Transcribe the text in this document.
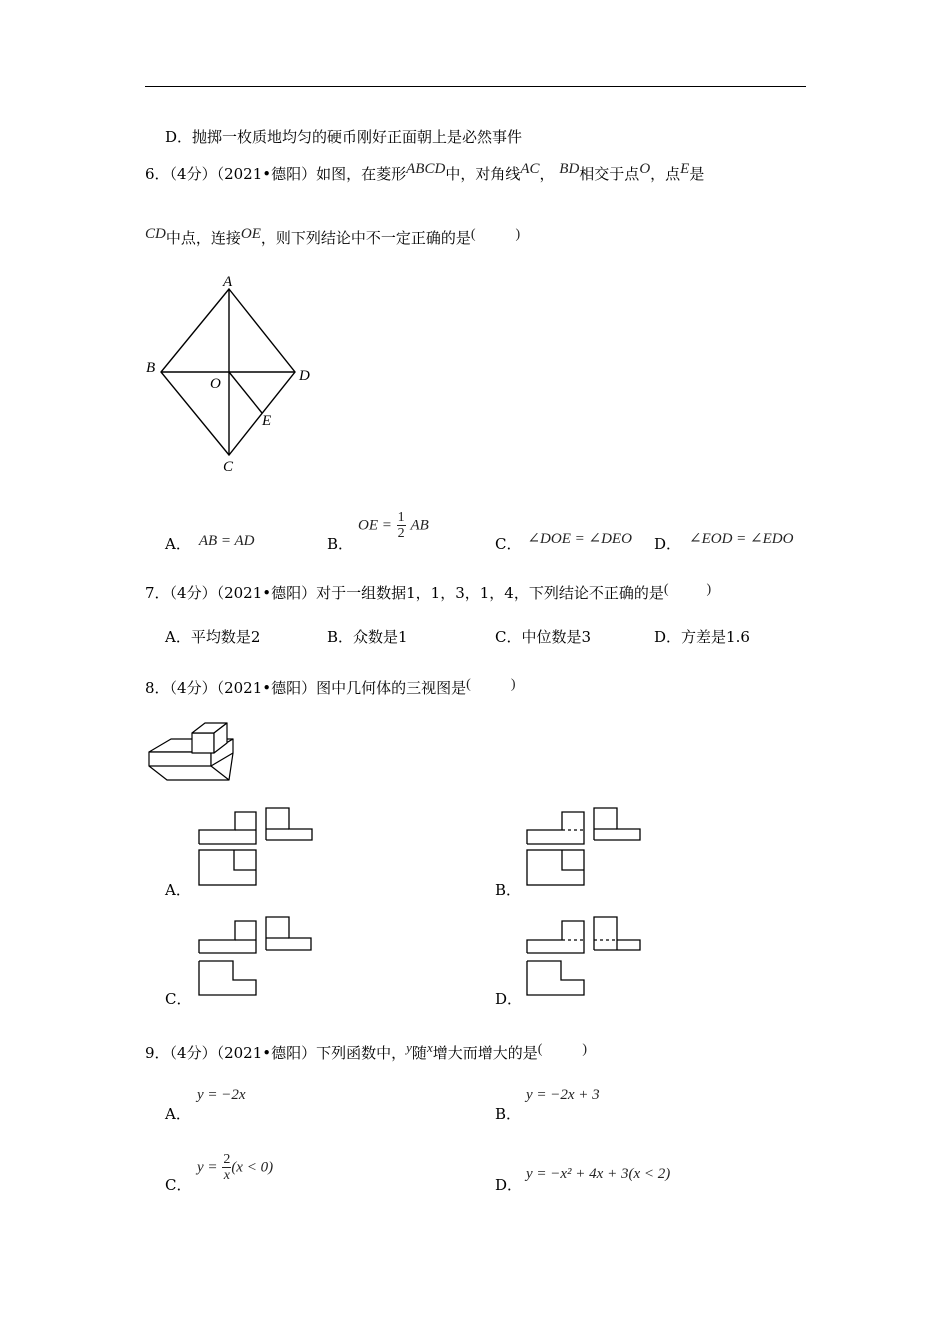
D．抛掷一枚质地均匀的硬币刚好正面朝上是必然事件
6．（4分）（2021•德阳）如图，在菱形ABCD中，对角线AC， BD相交于点O，点E是
CD中点，连接OE，则下列结论中不一定正确的是(	)
A
B
C
D
O
E
A． AB = AD	B．
OE = $\frac{1}{2}$ AB
C． ∠DOE = ∠DEO D． ∠EOD = ∠EDO
7．（4分）（2021•德阳）对于一组数据1，1，3，1，4，下列结论不正确的是(	)
A．平均数是2	B．众数是1	C．中位数是3	D．方差是1.6
8．（4分）（2021•德阳）图中几何体的三视图是(	)
A．	B．
C．	D．
9．（4分）（2021•德阳）下列函数中，y随x增大而增大的是(	)
A．
y = −2x
B．
y = −2x + 3
C．
$y = \frac{2}{x} (x < 0)$
D．
y = −x² + 4x + 3(x < 2)
